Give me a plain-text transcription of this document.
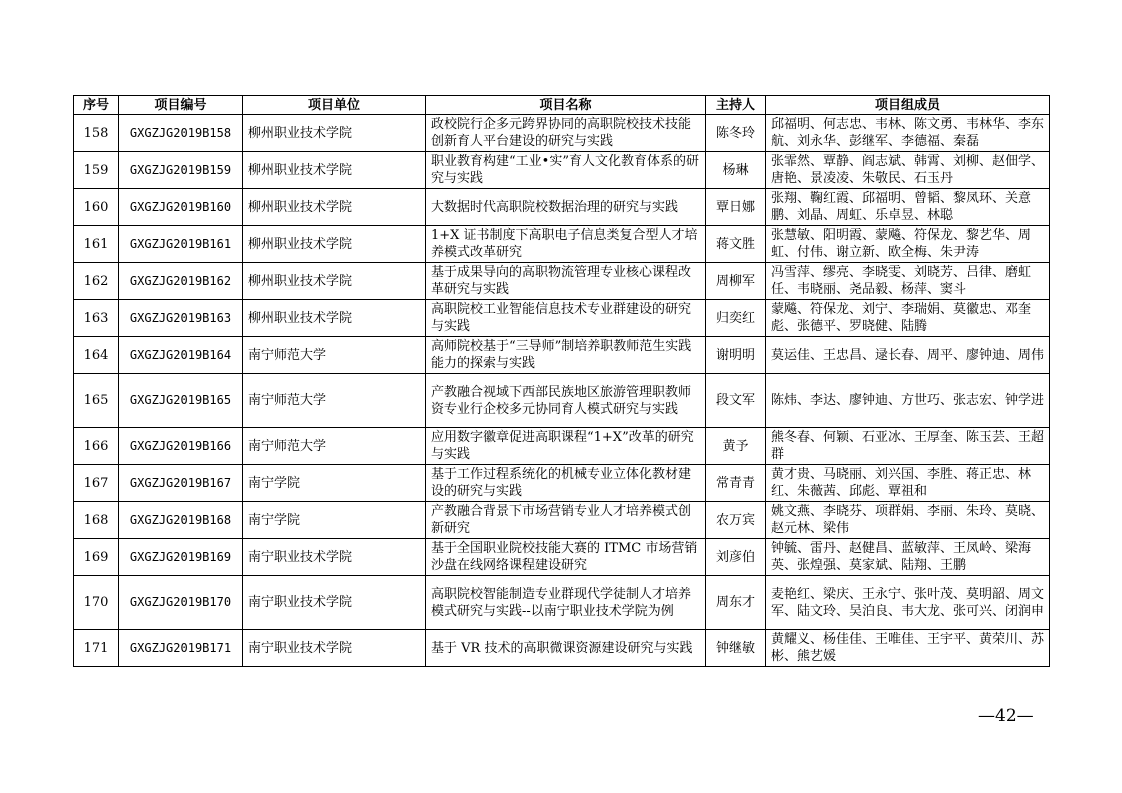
序号	项目编号	项目单位	项目名称	主持人	项目组成员
158	GXGZJG2019B158	柳州职业技术学院	政校院行企多元跨界协同的高职院校技术技能创新育人平台建设的研究与实践	陈冬玲	邱福明、何志忠、韦林、陈文勇、韦林华、李东航、刘永华、彭继军、李德福、秦磊
159	GXGZJG2019B159	柳州职业技术学院	职业教育构建“工业•实”育人文化教育体系的研究与实践	杨琳	张霏然、覃静、阎志斌、韩霄、刘柳、赵佃学、唐艳、景凌凌、朱敬民、石玉丹
160	GXGZJG2019B160	柳州职业技术学院	大数据时代高职院校数据治理的研究与实践	覃日娜	张翔、鞠红霞、邱福明、曾韬、黎凤环、关意鹏、刘晶、周虹、乐卓昱、林聪
161	GXGZJG2019B161	柳州职业技术学院	1+X 证书制度下高职电子信息类复合型人才培养模式改革研究	蒋文胜	张慧敏、阳明霞、蒙飚、符保龙、黎艺华、周虹、付伟、谢立新、欧全梅、朱尹涛
162	GXGZJG2019B162	柳州职业技术学院	基于成果导向的高职物流管理专业核心课程改革研究与实践	周柳军	冯雪萍、缪亮、李晓雯、刘晓芳、吕律、磨虹任、韦晓丽、尧品毅、杨萍、窦斗
163	GXGZJG2019B163	柳州职业技术学院	高职院校工业智能信息技术专业群建设的研究与实践	归奕红	蒙飚、符保龙、刘宁、李瑞娟、莫徽忠、邓奎彪、张德平、罗晓健、陆腾
164	GXGZJG2019B164	南宁师范大学	高师院校基于“三导师”制培养职教师范生实践能力的探索与实践	谢明明	莫运佳、王忠昌、逯长春、周平、廖钟迪、周伟
165	GXGZJG2019B165	南宁师范大学	产教融合视域下西部民族地区旅游管理职教师资专业行企校多元协同育人模式研究与实践	段文军	陈炜、李达、廖钟迪、方世巧、张志宏、钟学进
166	GXGZJG2019B166	南宁师范大学	应用数字徽章促进高职课程“1+X”改革的研究与实践	黄予	熊冬春、何颖、石亚冰、王厚奎、陈玉芸、王超群
167	GXGZJG2019B167	南宁学院	基于工作过程系统化的机械专业立体化教材建设的研究与实践	常青青	黄才贵、马晓丽、刘兴国、李胜、蒋正忠、林红、朱薇茜、邱彪、覃祖和
168	GXGZJG2019B168	南宁学院	产教融合背景下市场营销专业人才培养模式创新研究	农万宾	姚文燕、李晓芬、项群娟、李丽、朱玲、莫晓、赵元林、梁伟
169	GXGZJG2019B169	南宁职业技术学院	基于全国职业院校技能大赛的 ITMC 市场营销沙盘在线网络课程建设研究	刘彦伯	钟毓、雷丹、赵健昌、蓝敏萍、王凤岭、梁海英、张煌强、莫家斌、陆翔、王鹏
170	GXGZJG2019B170	南宁职业技术学院	高职院校智能制造专业群现代学徒制人才培养模式研究与实践--以南宁职业技术学院为例	周东才	麦艳红、梁庆、王永宁、张叶茂、莫明韶、周文军、陆文玲、吴泊良、韦大龙、张可兴、闭润申
171	GXGZJG2019B171	南宁职业技术学院	基于 VR 技术的高职微课资源建设研究与实践	钟继敏	黄耀义、杨佳佳、王唯佳、王宇平、黄荣川、苏彬、熊艺媛
—42—
